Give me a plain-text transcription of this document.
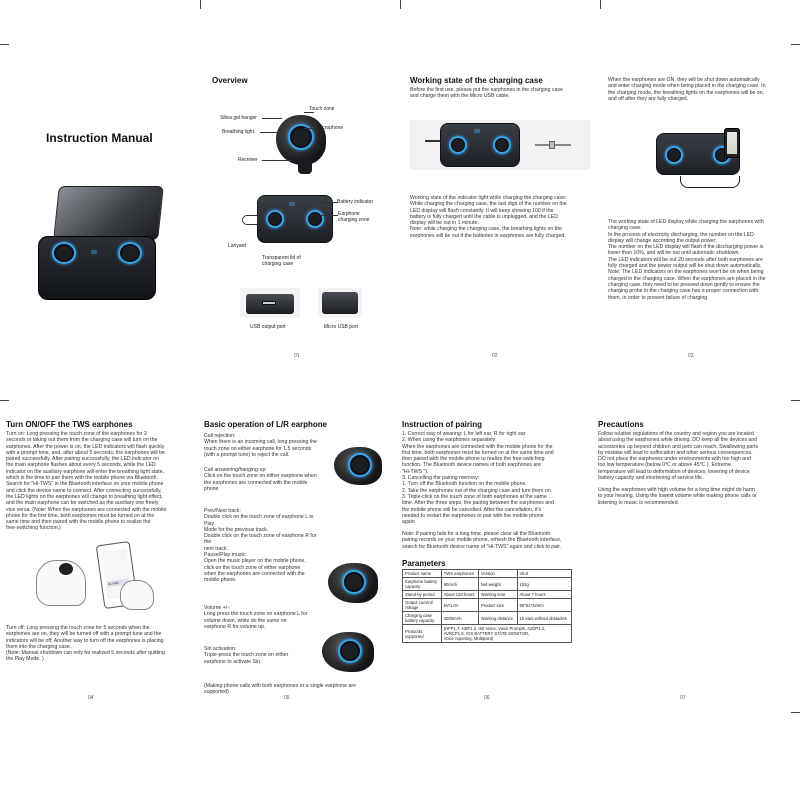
Instruction Manual
88
Overview
Touch zone
Silica gel hanger
Breathing light
Microphone
Receiver
88	Battery indicator
Earphone
charging zone
Lanyard
Transparent lid of
charging case
USB output port	Micro USB port
01
Working state of the charging case
Before the first use, please put the earphones in the charging case
and charge them with the Micro USB cable.
88
Working state of the indicator light while charging the charging case:
While charging the charging case, the last digit of the number on the
LED display will flash constantly. It will keep showing 100 if the
battery is fully charged until the cable is unplugged, and the LED
display will be out in 1 minute.
Note: while charging the charging case, the breathing lights on the
earphones will be out if the batteries in earphones are fully charged.
02
When the earphones are ON, they will be shut down automatically
and enter charging mode when being placed in the charging case. In
the charging mode, the breathing lights on the earphones will be on,
and off after they are fully charged.
The working state of LED display while charging the earphones with
charging case:
In the process of electricity discharging, the number on the LED
display will change according the output power;
The number on the LED display will flash if the discharging power is
lower than 10%, and will be out until automatic shutdown.
The LED indicators will be out 20 seconds after both earphones are
fully charged and the power output will be shut down automatically.
Note: The LED indicators on the earphones won't be on when being
charged in the charging case. When the earphones are placed in the
charging case, they need to be pressed down gently to ensure the
charging probe in the charging case has a proper connection with
them, in order to prevent failure of charging.
03
Turn ON/OFF the TWS earphones
Turn on: Long pressing the touch zone of the earphones for 2
seconds or taking out them from the charging case will turn on the
earphones. After the power is on, the LED indicators will flash quickly
with a prompt tone, and, after about 5 seconds, the earphones will be
paired successfully. After pairing successfully, the LED indicator on
the main earphone flashes about every 5 seconds, while the LED
indicator on the auxiliary earphone will enter the breathing light state,
which is the time to pair them with the mobile phone via Bluetooth.
Search for "Hi-TWS" in the Bluetooth interface on your mobile phone
and click the device name to connect. After connecting successfully,
the LED lights on the earphones will change to breathing light effect,
and the main earphone can be switched as the auxiliary one freely,
vice versa. (Note: When the earphones are connected with the mobile
phone for the first time, both earphones must be turned on at the
same time and then paired with the mobile phone to realize the
free-switching function.)
Hi-TWS
Turn off: Long pressing the touch zone for 5 seconds when the
earphones are on, they will be turned off with a prompt tune and the
indicators will be off; Another way to turn off the earphones is placing
them into the charging case.
(Note: Manual shutdown can only be realized 5 seconds after quitting
the Play Mode. )
04
Basic operation of L/R earphone
Call rejection:
When there is an incoming call, long pressing the
touch zone on either earphone for 1.5 seconds
(with a prompt tune) to reject the call.
Call answering/hanging-up:
Click on the touch zone on either earphone when
the earphones are connected with the mobile
phone.
Prev/Next track:
Double click on the touch zone of earphone L in Play
Mode for the previous track.
Double click on the touch zone of earphone R for the
next track.
Pause/Play music:
Open the music player on the mobile phone,
click on the touch zone of either earphone
when the earphones are connected with the
mobile phone.
Volume +/-:
Long press the touch zone on earphone L for
volume down, while do the same on
earphone R for volume up.
Siri activation:
Triple-press the touch zone on either
earphone to activate Siri.
(Making phone calls with both earphones or a single earphone are
supported)
05
Instruction of pairing
1. Correct way of wearing: L for left ear, R for right ear
2. When using the earphones separately:
When the earphones are connected with the mobile phone for the
first time, both earphones must be turned on at the same time and
then paired with the mobile phone to realize the free-switching
function. The Bluetooth device names of both earphones are
"Hi-TWS ").
3. Cancelling the pairing memory:
1. Turn off the Bluetooth function on the mobile phone.
2. Take the earphones out of the charging case and turn them on.
3. Triple-click on the touch zone of both earphones at the same
time. After the three steps, the pairing between the earphones and
the mobile phone will be cancelled. After the cancellation, it's
needed to restart the earphones to pair with the mobile phone
again
Note: If pairing fails for a long time, please clear all the Bluetooth
pairing records on your mobile phone, refresh the Bluetooth interface,
search for Bluetooth device name of "Hi-TWS" again and click to pair.
Parameters
Product name	TWS earphones	Version	V5.0
Earphone battery
capacity	60mAh	Net weight	102g
Stand-by period	About 120 hours	Working time	About 7 hours
Output current/
voltage	5V/1.0A	Product size	95*52*32mm
Charging case
battery capacity	4000mAh	Working distance	15 ears without obstacles
Protocols
supported	(HFP1.7, HSP1.2, HD Voice, Voice Prompts, A2DP1.3,
AVRCP1.6, IOS BATTERY STATE MONITOR,
Voice reporting, Multipoint)		
06
Precautions
Follow relative regulations of the country and region you are located
about using the earphones while driving. DO keep all the devices and
accessories up beyond children and pets can reach. Swallowing parts
by mistake will lead to suffocation and other serious consequences.
DO not place the earphones under environments with too high and
too low temperature (below 0℃ or above 45℃ ). Extreme
temperature will lead to deformation of devices, lowering of device
battery capacity and shortening of service life.
Using the earphones with high volume for a long time might do harm
to your hearing. Using the lowest volume while making phone calls or
listening to music is recommended.
07
